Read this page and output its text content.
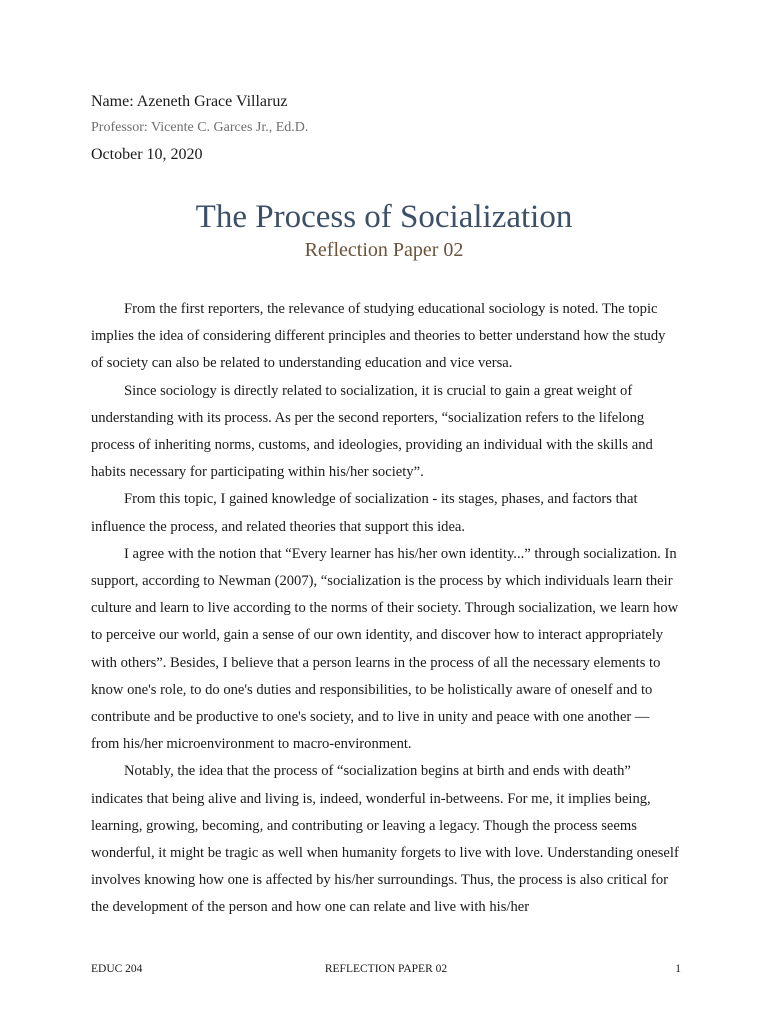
Name: Azeneth Grace Villaruz
Professor: Vicente C. Garces Jr., Ed.D.
October 10, 2020
The Process of Socialization
Reflection Paper 02

From the first reporters, the relevance of studying educational sociology is noted. The topic implies the idea of considering different principles and theories to better understand how the study of society can also be related to understanding education and vice versa.

Since sociology is directly related to socialization, it is crucial to gain a great weight of understanding with its process. As per the second reporters, “socialization refers to the lifelong process of inheriting norms, customs, and ideologies, providing an individual with the skills and habits necessary for participating within his/her society”.

From this topic, I gained knowledge of socialization - its stages, phases, and factors that influence the process, and related theories that support this idea.

I agree with the notion that “Every learner has his/her own identity...” through socialization. In support, according to Newman (2007), “socialization is the process by which individuals learn their culture and learn to live according to the norms of their society. Through socialization, we learn how to perceive our world, gain a sense of our own identity, and discover how to interact appropriately with others”. Besides, I believe that a person learns in the process of all the necessary elements to know one's role, to do one's duties and responsibilities, to be holistically aware of oneself and to contribute and be productive to one's society, and to live in unity and peace with one another — from his/her microenvironment to macro-environment.

Notably, the idea that the process of “socialization begins at birth and ends with death” indicates that being alive and living is, indeed, wonderful in-betweens. For me, it implies being, learning, growing, becoming, and contributing or leaving a legacy. Though the process seems wonderful, it might be tragic as well when humanity forgets to live with love. Understanding oneself involves knowing how one is affected by his/her surroundings. Thus, the process is also critical for the development of the person and how one can relate and live with his/her

EDUC 204	REFLECTION PAPER 02	1
